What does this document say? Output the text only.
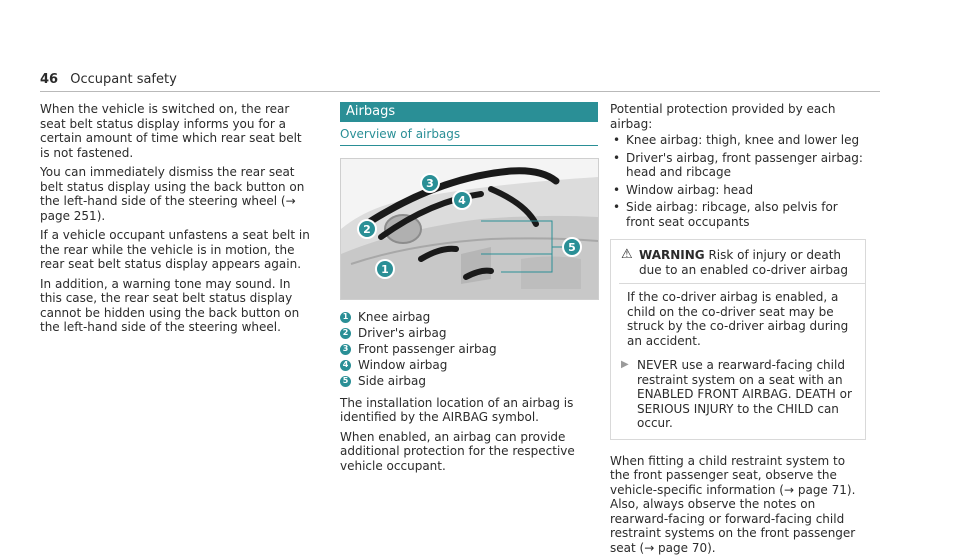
46 Occupant safety

When the vehicle is switched on, the rear seat belt status display informs you for a certain amount of time which rear seat belt is not fastened.

You can immediately dismiss the rear seat belt status display using the back button on the left-hand side of the steering wheel (→ page 251).

If a vehicle occupant unfastens a seat belt in the rear while the vehicle is in motion, the rear seat belt status display appears again.

In addition, a warning tone may sound. In this case, the rear seat belt status display cannot be hidden using the back button on the left-hand side of the steering wheel.

Airbags
Overview of airbags
1
2
3
4
5
1 Knee airbag
2 Driver's airbag
3 Front passenger airbag
4 Window airbag
5 Side airbag

The installation location of an airbag is identified by the AIRBAG symbol.

When enabled, an airbag can provide additional protection for the respective vehicle occupant.

Potential protection provided by each airbag:

• Knee airbag: thigh, knee and lower leg
• Driver's airbag, front passenger airbag: head and ribcage
• Window airbag: head
• Side airbag: ribcage, also pelvis for front seat occupants
⚠ WARNING Risk of injury or death due to an enabled co-driver airbag
If the co-driver airbag is enabled, a child on the co-driver seat may be struck by the co-driver airbag during an accident.
▶ NEVER use a rearward-facing child restraint system on a seat with an ENABLED FRONT AIRBAG. DEATH or SERIOUS INJURY to the CHILD can occur.

When fitting a child restraint system to the front passenger seat, observe the vehicle-specific information (→ page 71). Also, always observe the notes on rearward-facing or forward-facing child restraint systems on the front passenger seat (→ page 70).
